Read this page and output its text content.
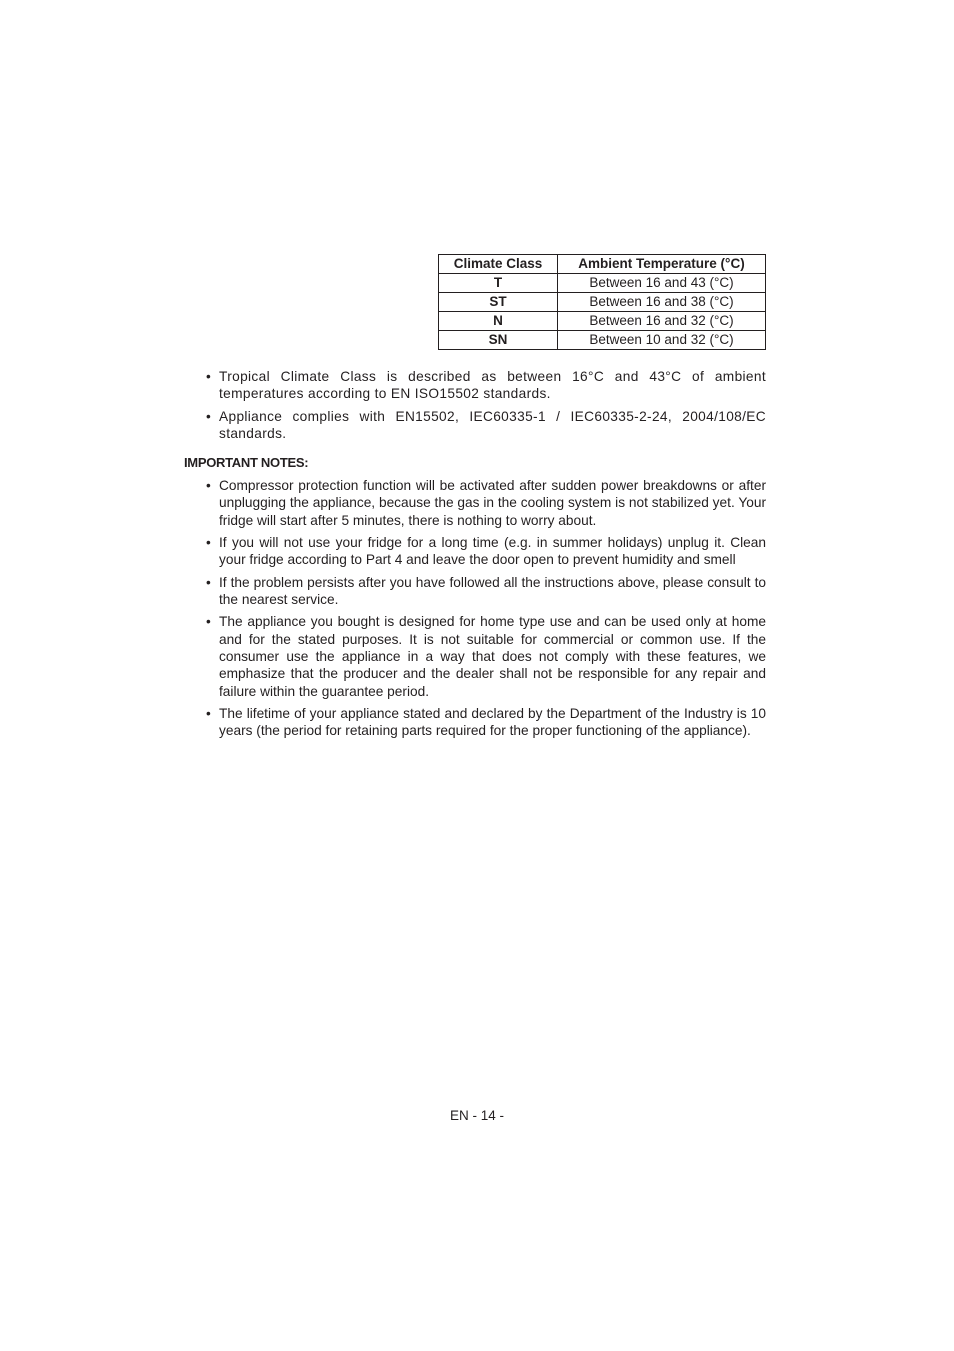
Climate Class	Ambient Temperature (°C)
T	Between 16 and 43 (°C)
ST	Between 16 and 38 (°C)
N	Between 16 and 32 (°C)
SN	Between 10 and 32 (°C)
• Tropical Climate Class is described as between 16°C and 43°C of ambient temperatures according to EN ISO15502 standards.
• Appliance complies with EN15502, IEC60335-1 / IEC60335-2-24, 2004/108/EC standards.
IMPORTANT NOTES:
• Compressor protection function will be activated after sudden power breakdowns or after unplugging the appliance, because the gas in the cooling system is not stabilized yet. Your fridge will start after 5 minutes, there is nothing to worry about.
• If you will not use your fridge for a long time (e.g. in summer holidays) unplug it. Clean your fridge according to Part 4 and leave the door open to prevent humidity and smell
• If the problem persists after you have followed all the instructions above, please consult to the nearest service.
• The appliance you bought is designed for home type use and can be used only at home and for the stated purposes. It is not suitable for commercial or common use. If the consumer use the appliance in a way that does not comply with these features, we emphasize that the producer and the dealer shall not be responsible for any repair and failure within the guarantee period.
• The lifetime of your appliance stated and declared by the Department of the Industry is 10 years (the period for retaining parts required for the proper functioning of the appliance).
EN - 14 -
